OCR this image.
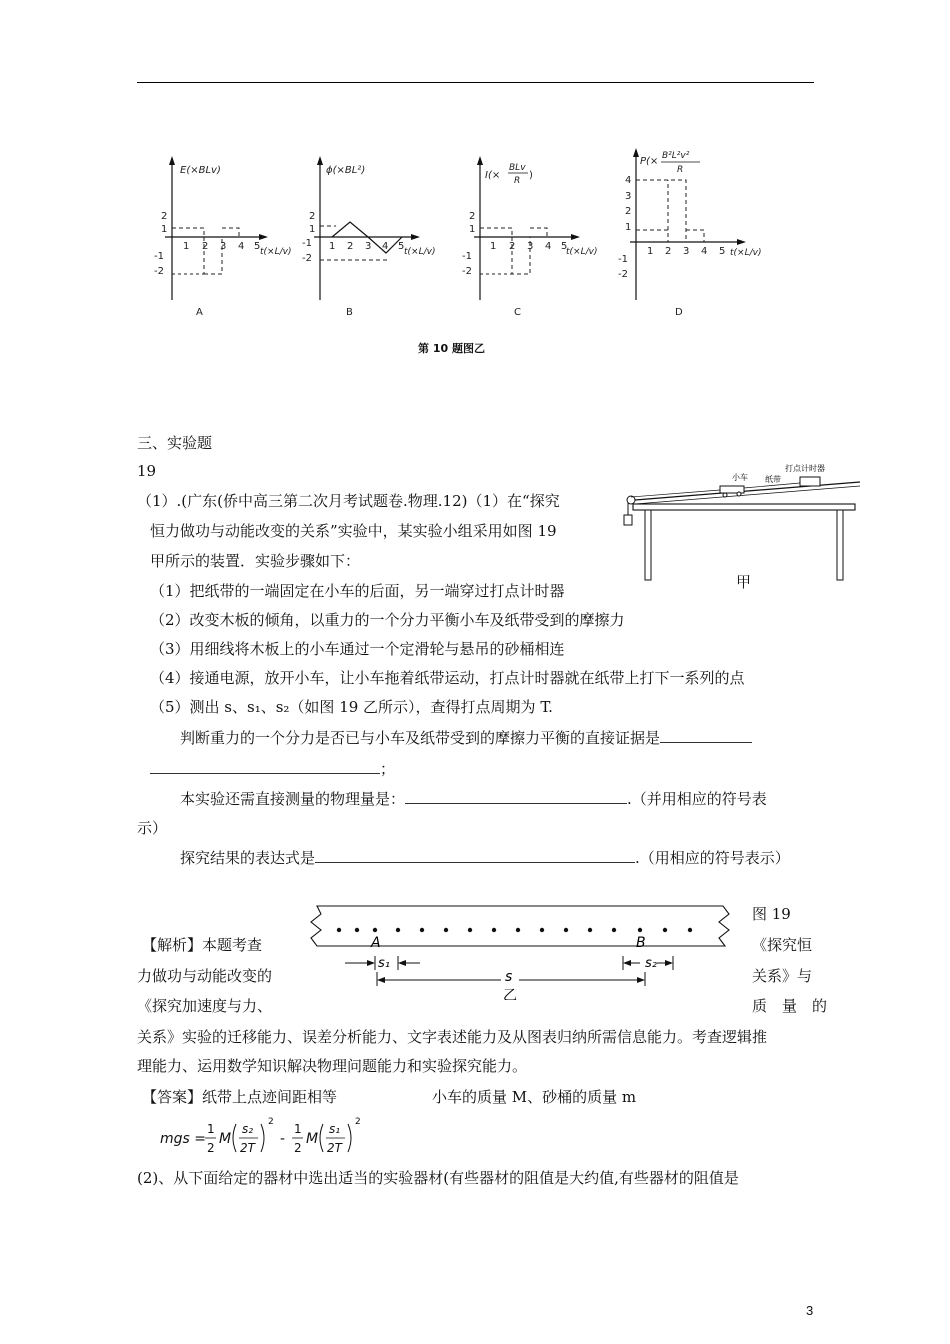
E(×BLv)
2
1
-1
-2
1 2 3 4 5 t(×L/v)
A
ϕ(×BL²)
2
1
-1
-2
1 2 3 4 5 t(×L/v)
B
I(×
BLv
R )
2
1
-1
-2
1 2 3 4 5
t(×L/v)
C
P(× B²L²v²
R
4
3
2
1
-1
-2
1 2 3 4 5 t(×L/v)
D
第 10 题图乙
三、实验题
19
（1）.(广东(侨中高三第二次月考试题卷.物理.12)（1）在“探究
恒力做功与动能改变的关系”实验中，某实验小组采用如图 19
甲所示的装置．实验步骤如下：
（1）把纸带的一端固定在小车的后面，另一端穿过打点计时器
（2）改变木板的倾角，以重力的一个分力平衡小车及纸带受到的摩擦力
（3）用细线将木板上的小车通过一个定滑轮与悬吊的砂桶相连
（4）接通电源，放开小车，让小车拖着纸带运动，打点计时器就在纸带上打下一系列的点
（5）测出 s、s₁、s₂（如图 19 乙所示），查得打点周期为 T.
判断重力的一个分力是否已与小车及纸带受到的摩擦力平衡的直接证据是
；
本实验还需直接测量的物理量是：	.（并用相应的符号表
示）
探究结果的表达式是	.（用相应的符号表示）
小车 纸带
打点计时器
甲
A	B
s₁	s₂
s
乙
图 19
【解析】本题考查
力做功与动能改变的
《探究加速度与力、
《探究恒
关系》与
质　量　的
关系》实验的迁移能力、误差分析能力、文字表述能力及从图表归纳所需信息能力。考查逻辑推
理能力、运用数学知识解决物理问题能力和实验探究能力。
【答案】纸带上点迹间距相等	小车的质量 M、砂桶的质量 m
mgs =
1
2
M
s₂
2T
2
-
1
2
M
s₁
2T
2
(2)、从下面给定的器材中选出适当的实验器材(有些器材的阻值是大约值,有些器材的阻值是
3
